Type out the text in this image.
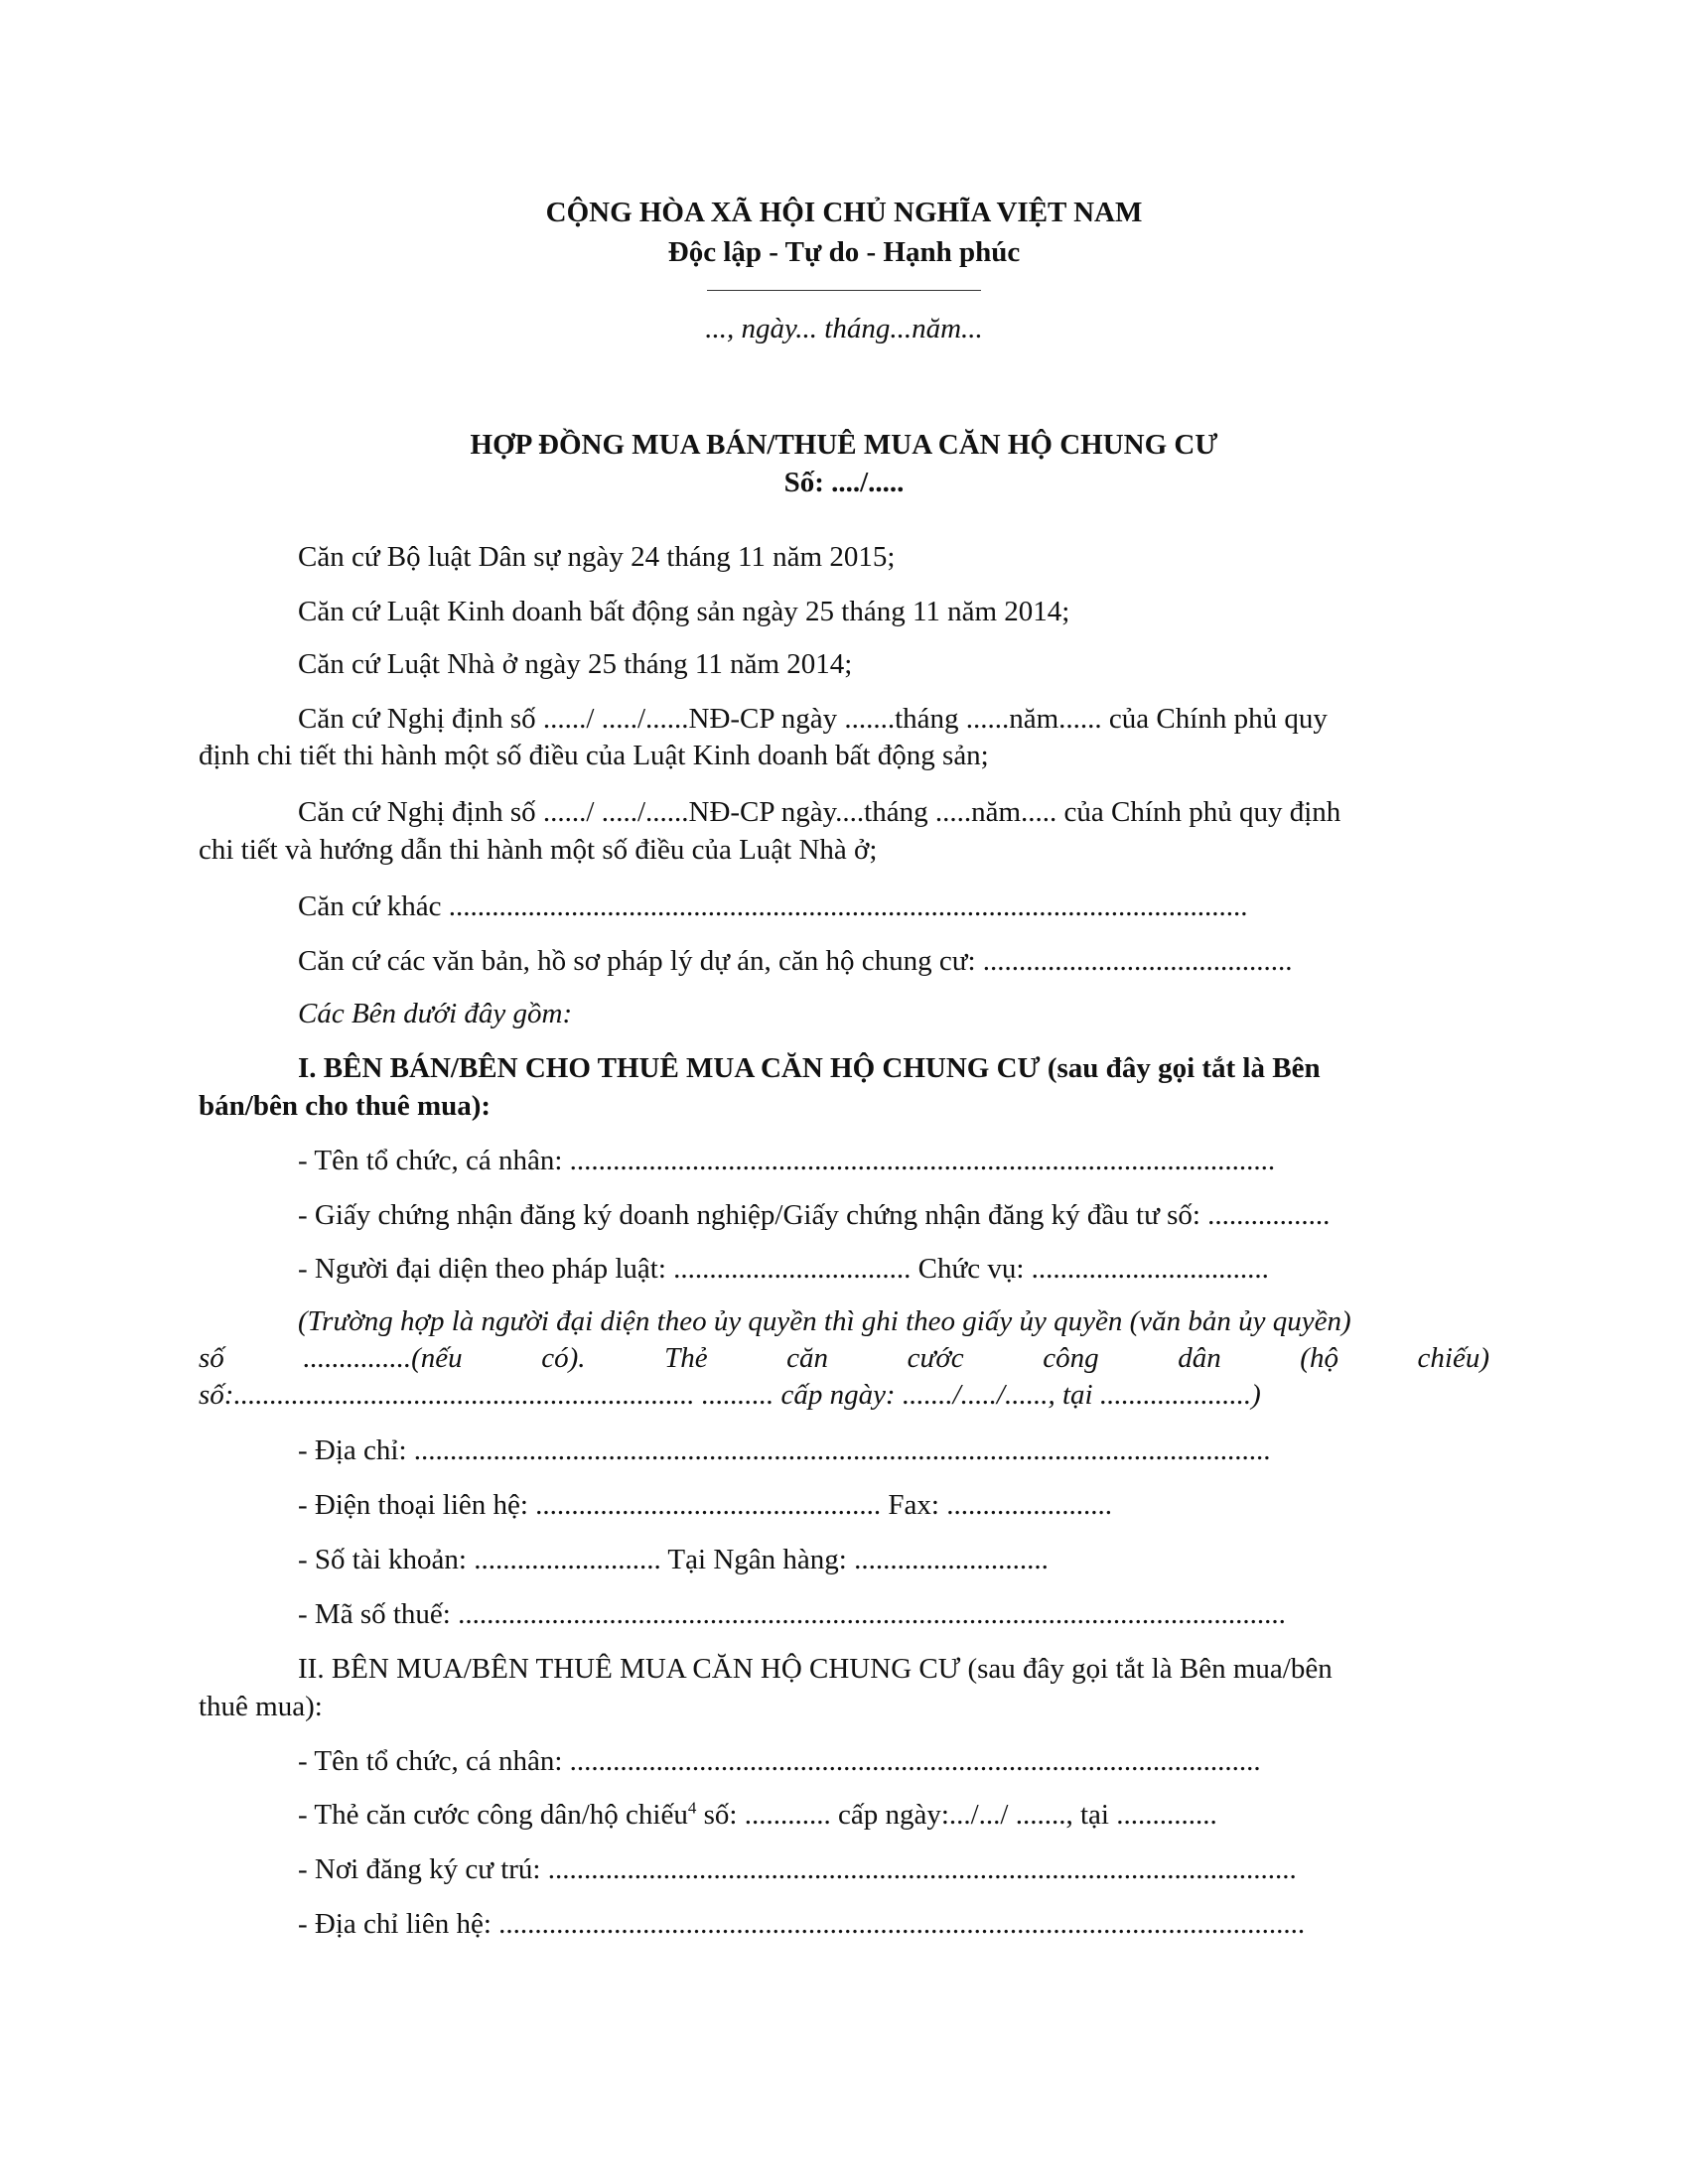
CỘNG HÒA XÃ HỘI CHỦ NGHĨA VIỆT NAM

Độc lập - Tự do - Hạnh phúc

..., ngày... tháng...năm...

HỢP ĐỒNG MUA BÁN/THUÊ MUA CĂN HỘ CHUNG CƯ

Số: ..../.....

Căn cứ Bộ luật Dân sự ngày 24 tháng 11 năm 2015;

Căn cứ Luật Kinh doanh bất động sản ngày 25 tháng 11 năm 2014;

Căn cứ Luật Nhà ở ngày 25 tháng 11 năm 2014;

Căn cứ Nghị định số ....../ ...../......NĐ-CP ngày .......tháng ......năm...... của Chính phủ quy

định chi tiết thi hành một số điều của Luật Kinh doanh bất động sản;

Căn cứ Nghị định số ....../ ...../......NĐ-CP ngày....tháng .....năm..... của Chính phủ quy định

chi tiết và hướng dẫn thi hành một số điều của Luật Nhà ở;

Căn cứ khác ...............................................................................................................

Căn cứ các văn bản, hồ sơ pháp lý dự án, căn hộ chung cư: ...........................................

Các Bên dưới đây gồm:

I. BÊN BÁN/BÊN CHO THUÊ MUA CĂN HỘ CHUNG CƯ (sau đây gọi tắt là Bên

bán/bên cho thuê mua):

- Tên tổ chức, cá nhân: ..................................................................................................

- Giấy chứng nhận đăng ký doanh nghiệp/Giấy chứng nhận đăng ký đầu tư số: .................

- Người đại diện theo pháp luật: ................................. Chức vụ: .................................

(Trường hợp là người đại diện theo ủy quyền thì ghi theo giấy ủy quyền (văn bản ủy quyền)

số	...............(nếu	có).	Thẻ	căn	cước	công	dân	(hộ	chiếu)

số:................................................................ .......... cấp ngày: ......./...../......, tại .....................)

- Địa chỉ: .......................................................................................................................

- Điện thoại liên hệ: ................................................ Fax: .......................

- Số tài khoản: .......................... Tại Ngân hàng: ...........................

- Mã số thuế: ...................................................................................................................

II. BÊN MUA/BÊN THUÊ MUA CĂN HỘ CHUNG CƯ (sau đây gọi tắt là Bên mua/bên

thuê mua):

- Tên tổ chức, cá nhân: ................................................................................................

- Thẻ căn cước công dân/hộ chiếu$^4$ số: ............ cấp ngày:.../.../ ......., tại ..............

- Nơi đăng ký cư trú: ........................................................................................................

- Địa chỉ liên hệ: ................................................................................................................
